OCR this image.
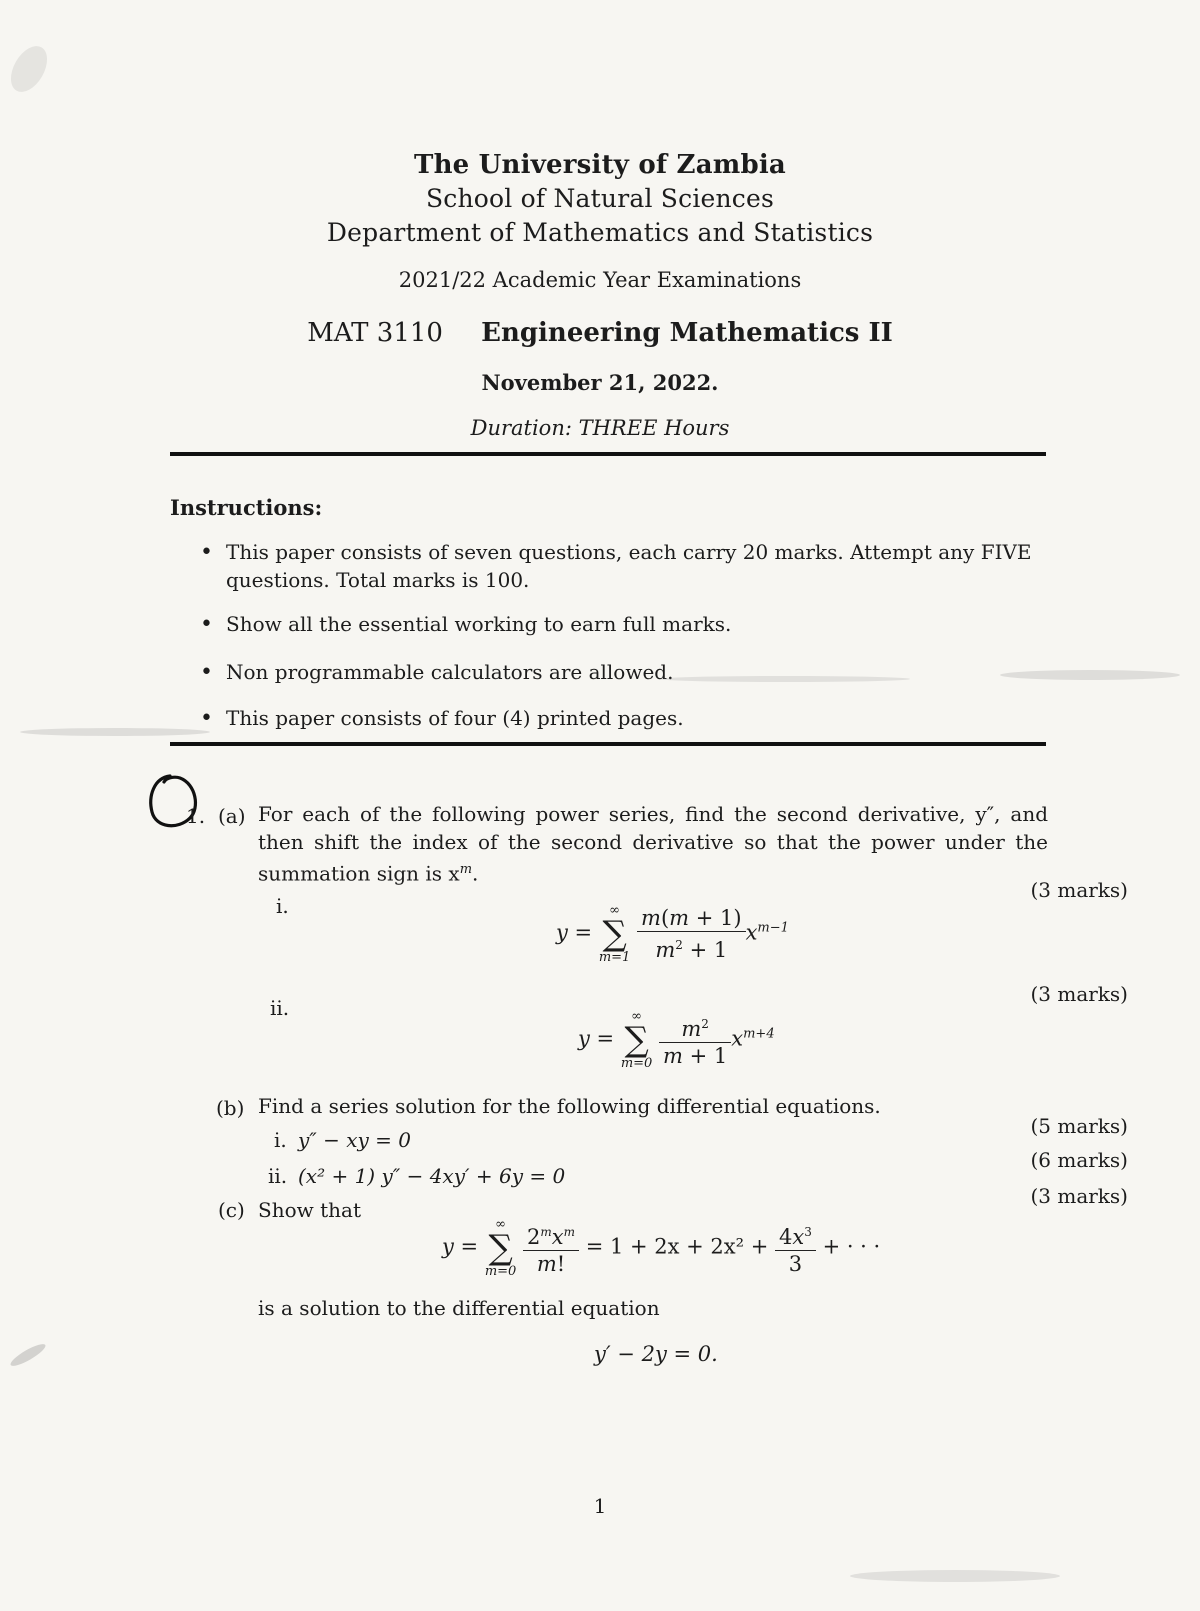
The University of Zambia
School of Natural Sciences
Department of Mathematics and Statistics
2021/22 Academic Year Examinations
MAT 3110 Engineering Mathematics II
November 21, 2022.
Duration: THREE Hours
Instructions:
• This paper consists of seven questions, each carry 20 marks. Attempt any FIVE questions. Total marks is 100.
• Show all the essential working to earn full marks.
• Non programmable calculators are allowed.
• This paper consists of four (4) printed pages.
1. (a) For each of the following power series, find the second derivative, y″, and then shift the index of the second derivative so that the power under the summation sign is $x^m$.
i.
(3 marks)
y =
∞
∑
m=1
$\frac{m(m + 1)}{m^2 + 1} x^{m-1}$
ii.
(3 marks)
y =
∞
∑
m=0
$\frac{m^2}{m + 1} x^{m+4}$
(b) Find a series solution for the following differential equations.
i. y″ − xy = 0
(5 marks)
ii. (x² + 1) y″ − 4xy′ + 6y = 0
(6 marks)
(c) Show that
(3 marks)
y =
∞
∑
m=0
$\frac{2^mx^m}{m!} = 1 + 2x + 2x^2 + \frac{4x^3}{3}$ + · · ·
is a solution to the differential equation
y′ − 2y = 0.
1
